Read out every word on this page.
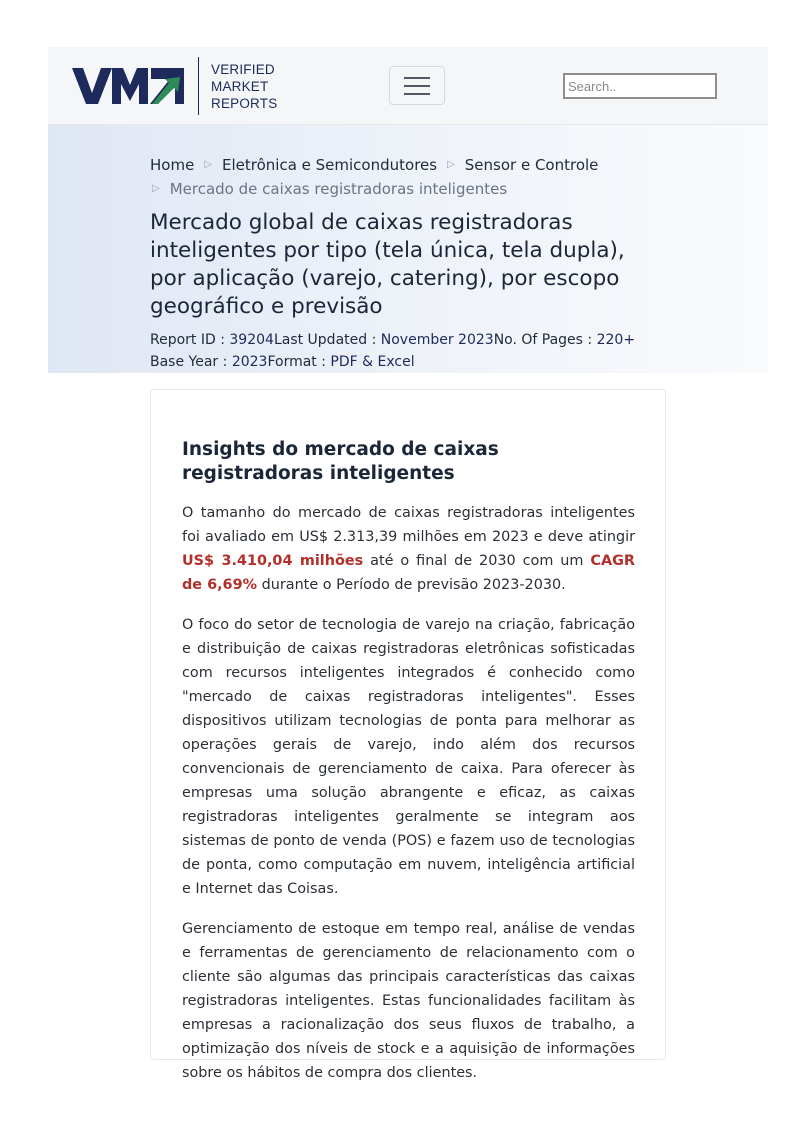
VERIFIED
MARKET
REPORTS
Search..
Home ▷ Eletrônica e Semicondutores ▷ Sensor e Controle
▷ Mercado de caixas registradoras inteligentes
Mercado global de caixas registradoras inteligentes por tipo (tela única, tela dupla), por aplicação (varejo, catering), por escopo geográfico e previsão
Report ID : 39204Last Updated : November 2023No. Of Pages : 220+
Base Year : 2023Format : PDF & Excel
Insights do mercado de caixas registradoras inteligentes

O tamanho do mercado de caixas registradoras inteligentes foi avaliado em US$ 2.313,39 milhões em 2023 e deve atingir US$ 3.410,04 milhões até o final de 2030 com um CAGR de 6,69% durante o Período de previsão 2023-2030.

O foco do setor de tecnologia de varejo na criação, fabricação e distribuição de caixas registradoras eletrônicas sofisticadas com recursos inteligentes integrados é conhecido como "mercado de caixas registradoras inteligentes". Esses dispositivos utilizam tecnologias de ponta para melhorar as operações gerais de varejo, indo além dos recursos convencionais de gerenciamento de caixa. Para oferecer às empresas uma solução abrangente e eficaz, as caixas registradoras inteligentes geralmente se integram aos sistemas de ponto de venda (POS) e fazem uso de tecnologias de ponta, como computação em nuvem, inteligência artificial e Internet das Coisas.

Gerenciamento de estoque em tempo real, análise de vendas e ferramentas de gerenciamento de relacionamento com o cliente são algumas das principais características das caixas registradoras inteligentes. Estas funcionalidades facilitam às empresas a racionalização dos seus fluxos de trabalho, a optimização dos níveis de stock e a aquisição de informações sobre os hábitos de compra dos clientes.
